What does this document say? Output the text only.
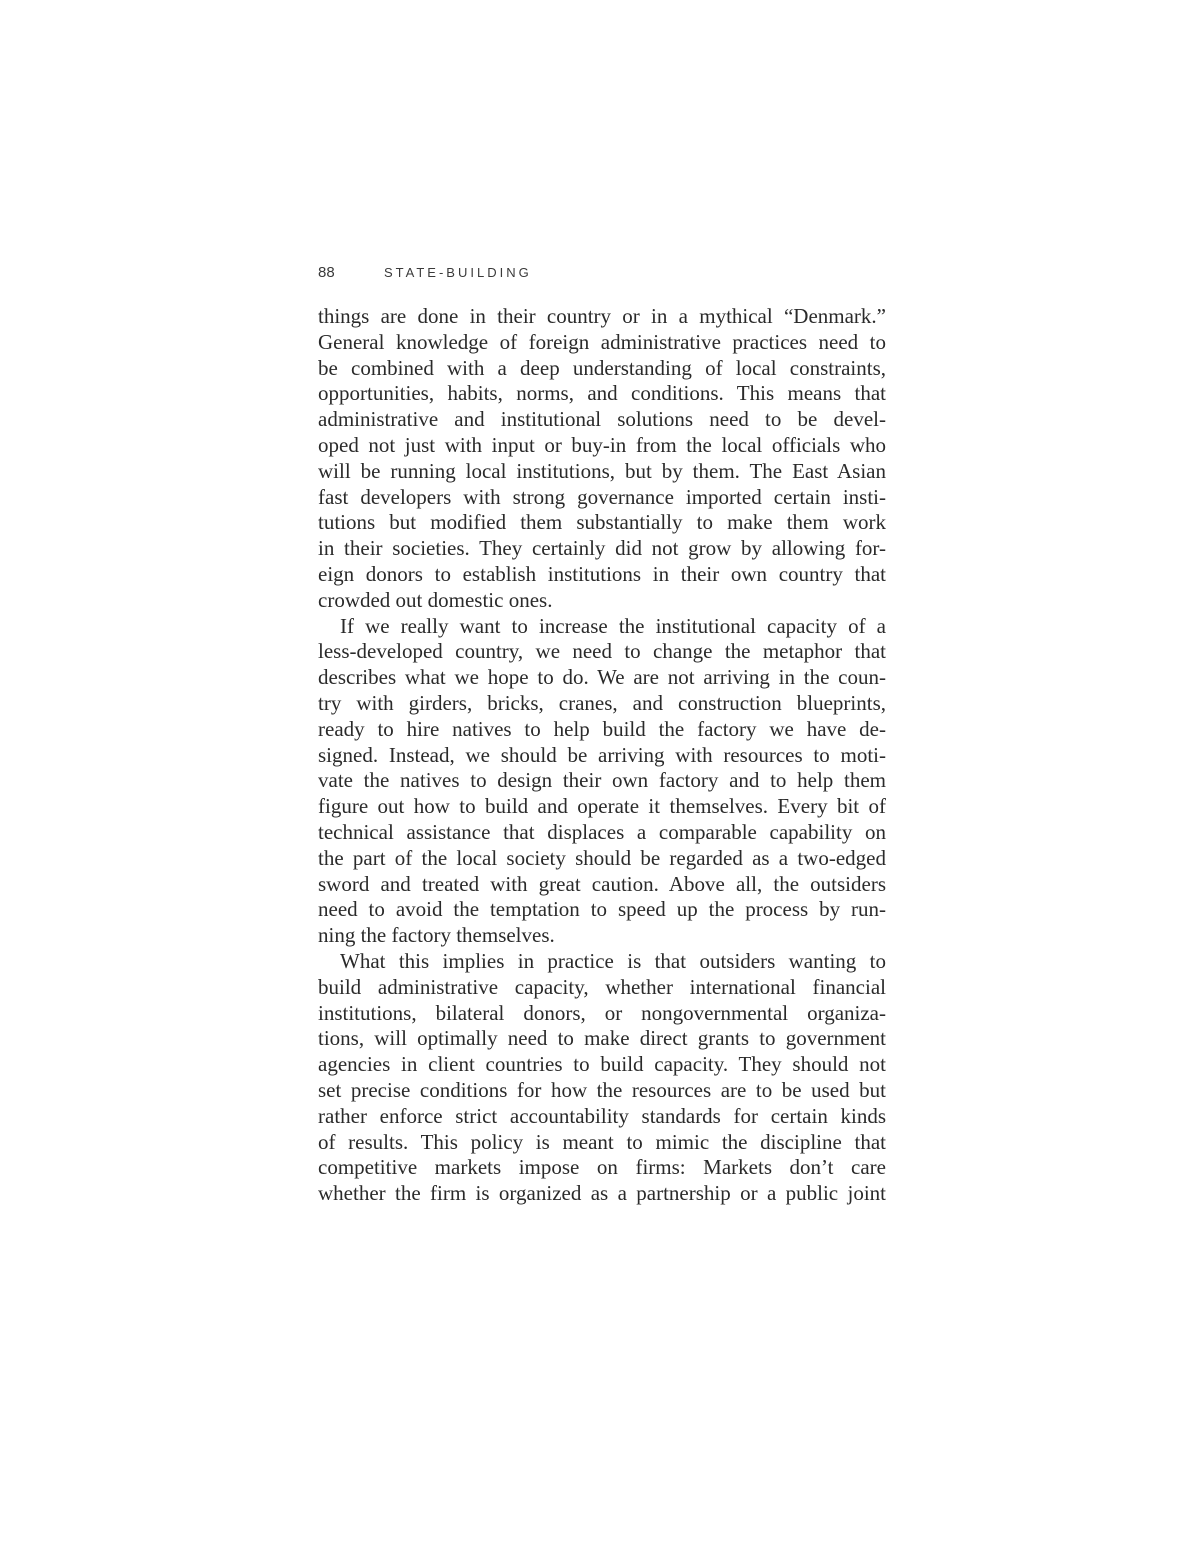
88	STATE-BUILDING
things are done in their country or in a mythical “Denmark.”
General knowledge of foreign administrative practices need to
be combined with a deep understanding of local constraints,
opportunities, habits, norms, and conditions. This means that
administrative and institutional solutions need to be devel-
oped not just with input or buy-in from the local officials who
will be running local institutions, but by them. The East Asian
fast developers with strong governance imported certain insti-
tutions but modified them substantially to make them work
in their societies. They certainly did not grow by allowing for-
eign donors to establish institutions in their own country that
crowded out domestic ones.
If we really want to increase the institutional capacity of a
less-developed country, we need to change the metaphor that
describes what we hope to do. We are not arriving in the coun-
try with girders, bricks, cranes, and construction blueprints,
ready to hire natives to help build the factory we have de-
signed. Instead, we should be arriving with resources to moti-
vate the natives to design their own factory and to help them
figure out how to build and operate it themselves. Every bit of
technical assistance that displaces a comparable capability on
the part of the local society should be regarded as a two-edged
sword and treated with great caution. Above all, the outsiders
need to avoid the temptation to speed up the process by run-
ning the factory themselves.
What this implies in practice is that outsiders wanting to
build administrative capacity, whether international financial
institutions, bilateral donors, or nongovernmental organiza-
tions, will optimally need to make direct grants to government
agencies in client countries to build capacity. They should not
set precise conditions for how the resources are to be used but
rather enforce strict accountability standards for certain kinds
of results. This policy is meant to mimic the discipline that
competitive markets impose on firms: Markets don’t care
whether the firm is organized as a partnership or a public joint
